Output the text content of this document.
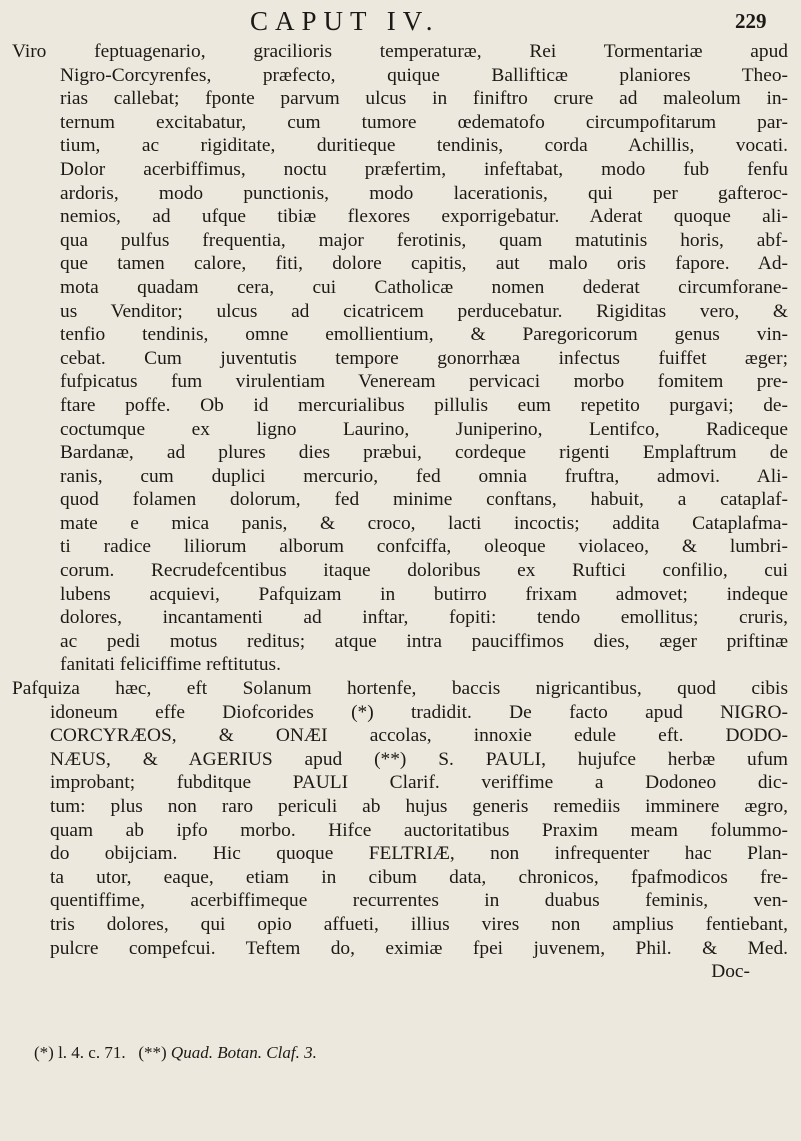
CAPUT IV.	229
Viro feptuagenario, gracilioris temperaturæ, Rei Tormentariæ apud
Nigro-Corcyrenfes, præfecto, quique Ballifticæ planiores Theo-
rias callebat; fponte parvum ulcus in finiftro crure ad maleolum in-
ternum excitabatur, cum tumore œdematofo circumpofitarum par-
tium, ac rigiditate, duritieque tendinis, corda Achillis, vocati.
Dolor acerbiffimus, noctu præfertim, infeftabat, modo fub fenfu
ardoris, modo punctionis, modo lacerationis, qui per gafteroc-
nemios, ad ufque tibiæ flexores exporrigebatur. Aderat quoque ali-
qua pulfus frequentia, major ferotinis, quam matutinis horis, abf-
que tamen calore, fiti, dolore capitis, aut malo oris fapore. Ad-
mota quadam cera, cui Catholicæ nomen dederat circumforane-
us Venditor; ulcus ad cicatricem perducebatur. Rigiditas vero, &
tenfio tendinis, omne emollientium, & Paregoricorum genus vin-
cebat. Cum juventutis tempore gonorrhæa infectus fuiffet æger;
fufpicatus fum virulentiam Veneream pervicaci morbo fomitem pre-
ftare poffe. Ob id mercurialibus pillulis eum repetito purgavi; de-
coctumque ex ligno Laurino, Juniperino, Lentifco, Radiceque
Bardanæ, ad plures dies præbui, cordeque rigenti Emplaftrum de
ranis, cum duplici mercurio, fed omnia fruftra, admovi. Ali-
quod folamen dolorum, fed minime conftans, habuit, a cataplaf-
mate e mica panis, & croco, lacti incoctis; addita Cataplafma-
ti radice liliorum alborum confciffa, oleoque violaceo, & lumbri-
corum. Recrudefcentibus itaque doloribus ex Ruftici confilio, cui
lubens acquievi, Pafquizam in butirro frixam admovet; indeque
dolores, incantamenti ad inftar, fopiti: tendo emollitus; cruris,
ac pedi motus reditus; atque intra pauciffimos dies, æger priftinæ
fanitati feliciffime reftitutus.
Pafquiza hæc, eft Solanum hortenfe, baccis nigricantibus, quod cibis
idoneum effe Diofcorides (*) tradidit. De facto apud NIGRO-
CORCYRÆOS, & ONÆI accolas, innoxie edule eft. DODO-
NÆUS, & AGERIUS apud (**) S. PAULI, hujufce herbæ ufum
improbant; fubditque PAULI Clarif. veriffime a Dodoneo dic-
tum: plus non raro periculi ab hujus generis remediis imminere ægro,
quam ab ipfo morbo. Hifce auctoritatibus Praxim meam folummo-
do obijciam. Hic quoque FELTRIÆ, non infrequenter hac Plan-
ta utor, eaque, etiam in cibum data, chronicos, fpafmodicos fre-
quentiffime, acerbiffimeque recurrentes in duabus feminis, ven-
tris dolores, qui opio affueti, illius vires non amplius fentiebant,
pulcre compefcui. Teftem do, eximiæ fpei juvenem, Phil. & Med.
Doc-
(*) l. 4. c. 71. (**) Quad. Botan. Claf. 3.
